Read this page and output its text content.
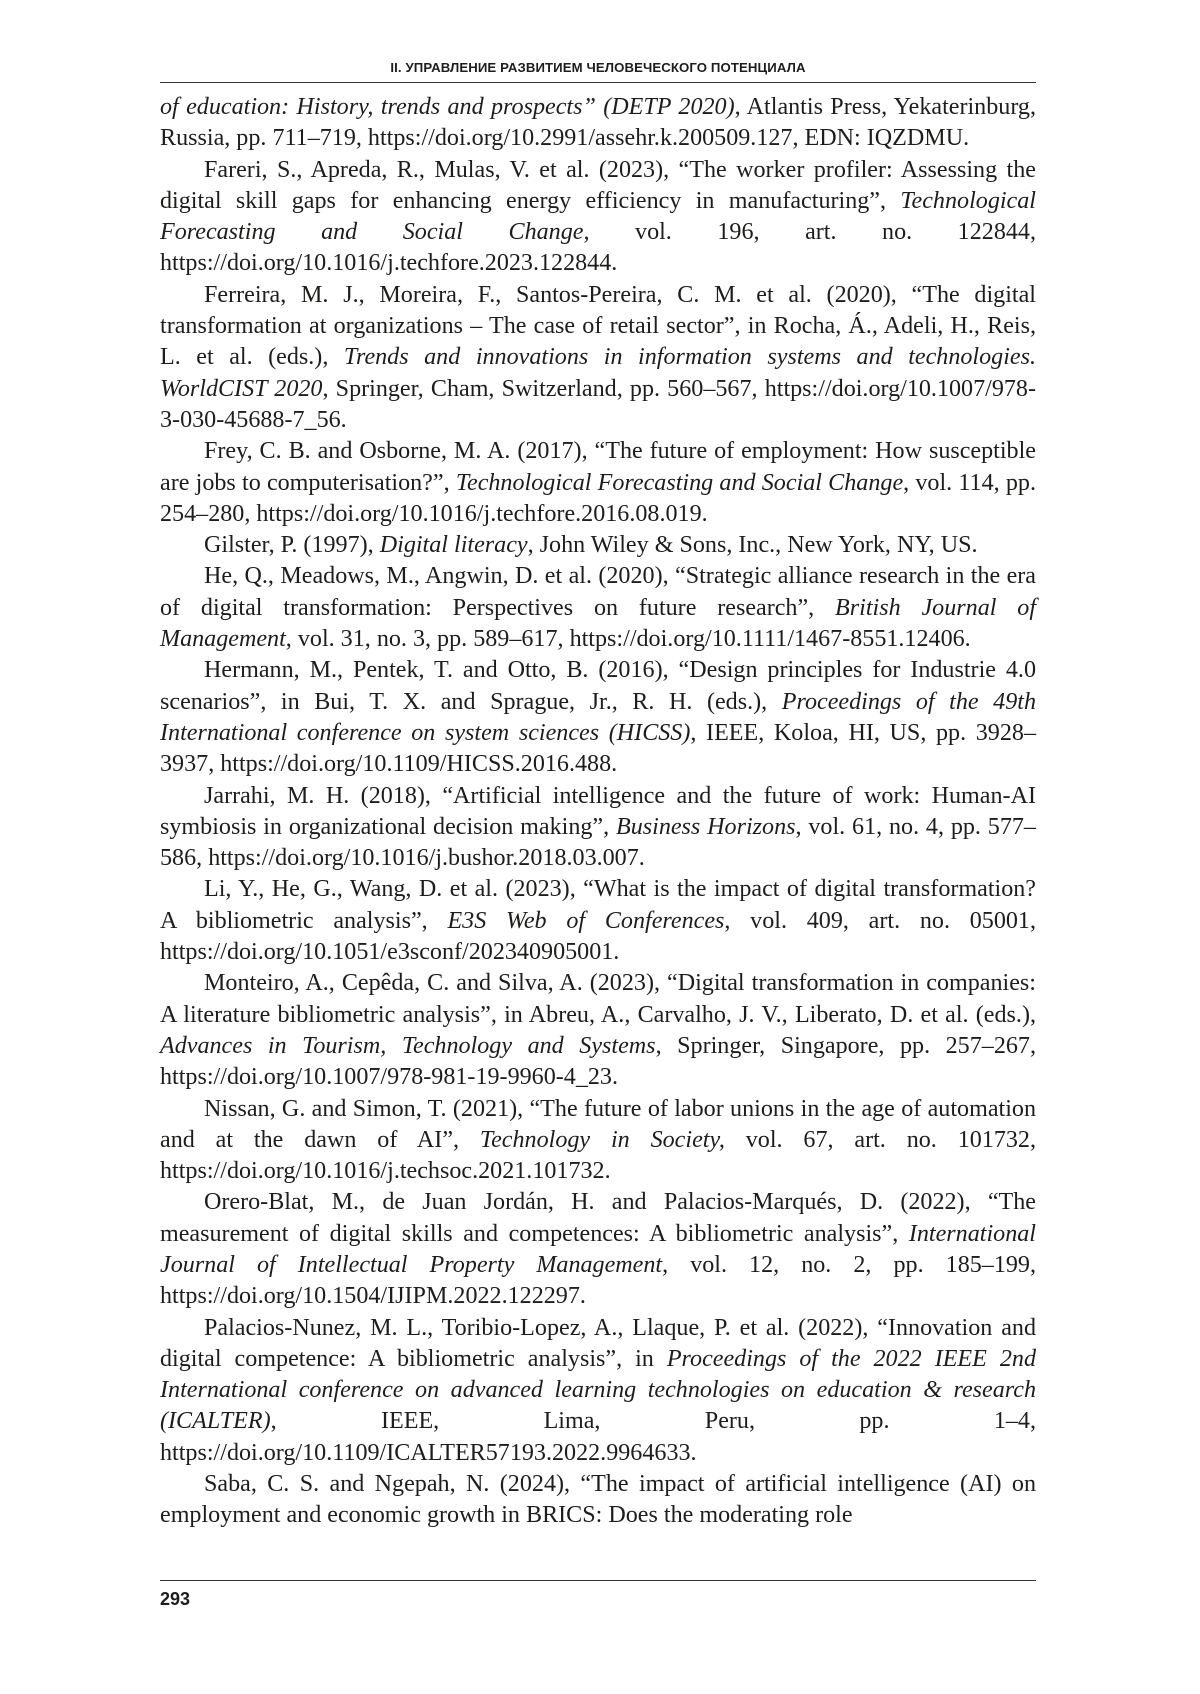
II. УПРАВЛЕНИЕ РАЗВИТИЕМ ЧЕЛОВЕЧЕСКОГО ПОТЕНЦИАЛА

of education: History, trends and prospects” (DETP 2020), Atlantis Press, Yekaterinburg, Russia, pp. 711–719, https://doi.org/10.2991/assehr.k.200509.127, EDN: IQZDMU.

Fareri, S., Apreda, R., Mulas, V. et al. (2023), “The worker profiler: Assessing the digital skill gaps for enhancing energy efficiency in manufacturing”, Technological Forecasting and Social Change, vol. 196, art. no. 122844, https://doi.org/10.1016/j.techfore.2023.122844.

Ferreira, M. J., Moreira, F., Santos-Pereira, C. M. et al. (2020), “The digital transformation at organizations – The case of retail sector”, in Rocha, Á., Adeli, H., Reis, L. et al. (eds.), Trends and innovations in information systems and technologies. WorldCIST 2020, Springer, Cham, Switzerland, pp. 560–567, https://doi.org/10.1007/978-3-030-45688-7_56.

Frey, C. B. and Osborne, M. A. (2017), “The future of employment: How susceptible are jobs to computerisation?”, Technological Forecasting and Social Change, vol. 114, pp. 254–280, https://doi.org/10.1016/j.techfore.2016.08.019.

Gilster, P. (1997), Digital literacy, John Wiley & Sons, Inc., New York, NY, US.

He, Q., Meadows, M., Angwin, D. et al. (2020), “Strategic alliance research in the era of digital transformation: Perspectives on future research”, British Journal of Management, vol. 31, no. 3, pp. 589–617, https://doi.org/10.1111/1467-8551.12406.

Hermann, M., Pentek, T. and Otto, B. (2016), “Design principles for Industrie 4.0 scenarios”, in Bui, T. X. and Sprague, Jr., R. H. (eds.), Proceedings of the 49th International conference on system sciences (HICSS), IEEE, Koloa, HI, US, pp. 3928–3937, https://doi.org/10.1109/HICSS.2016.488.

Jarrahi, M. H. (2018), “Artificial intelligence and the future of work: Human-AI symbiosis in organizational decision making”, Business Horizons, vol. 61, no. 4, pp. 577–586, https://doi.org/10.1016/j.bushor.2018.03.007.

Li, Y., He, G., Wang, D. et al. (2023), “What is the impact of digital transformation? A bibliometric analysis”, E3S Web of Conferences, vol. 409, art. no. 05001, https://doi.org/10.1051/e3sconf/202340905001.

Monteiro, A., Cepêda, C. and Silva, A. (2023), “Digital transformation in companies: A literature bibliometric analysis”, in Abreu, A., Carvalho, J. V., Liberato, D. et al. (eds.), Advances in Tourism, Technology and Systems, Springer, Singapore, pp. 257–267, https://doi.org/10.1007/978-981-19-9960-4_23.

Nissan, G. and Simon, T. (2021), “The future of labor unions in the age of automation and at the dawn of AI”, Technology in Society, vol. 67, art. no. 101732, https://doi.org/10.1016/j.techsoc.2021.101732.

Orero-Blat, M., de Juan Jordán, H. and Palacios-Marqués, D. (2022), “The measurement of digital skills and competences: A bibliometric analysis”, International Journal of Intellectual Property Management, vol. 12, no. 2, pp. 185–199, https://doi.org/10.1504/IJIPM.2022.122297.

Palacios-Nunez, M. L., Toribio-Lopez, A., Llaque, P. et al. (2022), “Innovation and digital competence: A bibliometric analysis”, in Proceedings of the 2022 IEEE 2nd International conference on advanced learning technologies on education & research (ICALTER), IEEE, Lima, Peru, pp. 1–4, https://doi.org/10.1109/ICALTER57193.2022.9964633.

Saba, C. S. and Ngepah, N. (2024), “The impact of artificial intelligence (AI) on employment and economic growth in BRICS: Does the moderating role

293
